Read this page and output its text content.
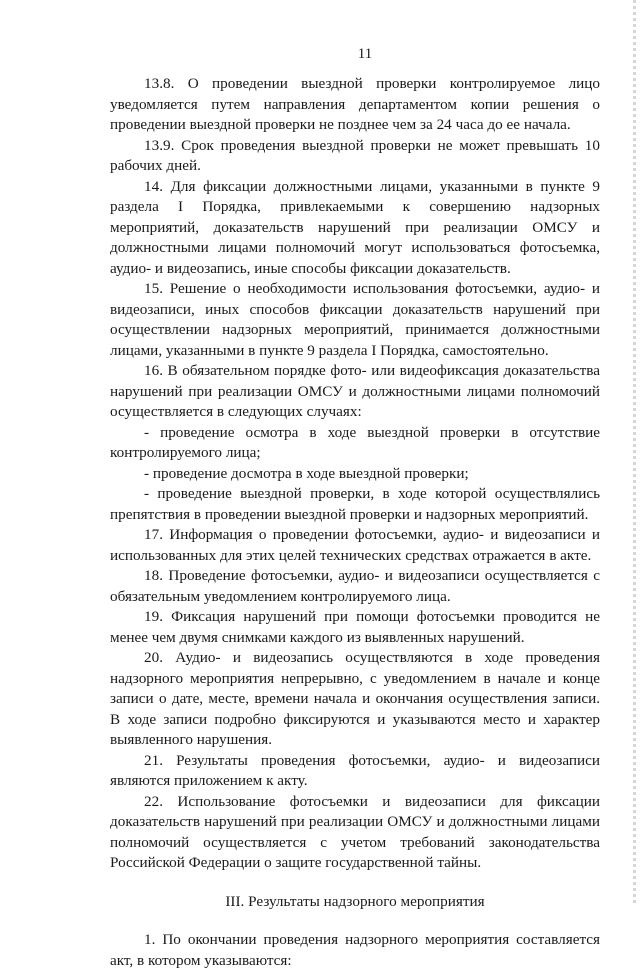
11

13.8. О проведении выездной проверки контролируемое лицо уведомляется путем направления департаментом копии решения о проведении выездной проверки не позднее чем за 24 часа до ее начала.

13.9. Срок проведения выездной проверки не может превышать 10 рабочих дней.

14. Для фиксации должностными лицами, указанными в пункте 9 раздела I Порядка, привлекаемыми к совершению надзорных мероприятий, доказательств нарушений при реализации ОМСУ и должностными лицами полномочий могут использоваться фотосъемка, аудио- и видеозапись, иные способы фиксации доказательств.

15. Решение о необходимости использования фотосъемки, аудио- и видеозаписи, иных способов фиксации доказательств нарушений при осуществлении надзорных мероприятий, принимается должностными лицами, указанными в пункте 9 раздела I Порядка, самостоятельно.

16. В обязательном порядке фото- или видеофиксация доказательства нарушений при реализации ОМСУ и должностными лицами полномочий осуществляется в следующих случаях:

- проведение осмотра в ходе выездной проверки в отсутствие контролируемого лица;

- проведение досмотра в ходе выездной проверки;

- проведение выездной проверки, в ходе которой осуществлялись препятствия в проведении выездной проверки и надзорных мероприятий.

17. Информация о проведении фотосъемки, аудио- и видеозаписи и использованных для этих целей технических средствах отражается в акте.

18. Проведение фотосъемки, аудио- и видеозаписи осуществляется с обязательным уведомлением контролируемого лица.

19. Фиксация нарушений при помощи фотосъемки проводится не менее чем двумя снимками каждого из выявленных нарушений.

20. Аудио- и видеозапись осуществляются в ходе проведения надзорного мероприятия непрерывно, с уведомлением в начале и конце записи о дате, месте, времени начала и окончания осуществления записи. В ходе записи подробно фиксируются и указываются место и характер выявленного нарушения.

21. Результаты проведения фотосъемки, аудио- и видеозаписи являются приложением к акту.

22. Использование фотосъемки и видеозаписи для фиксации доказательств нарушений при реализации ОМСУ и должностными лицами полномочий осуществляется с учетом требований законодательства Российской Федерации о защите государственной тайны.

III. Результаты надзорного мероприятия

1. По окончании проведения надзорного мероприятия составляется акт, в котором указываются:
